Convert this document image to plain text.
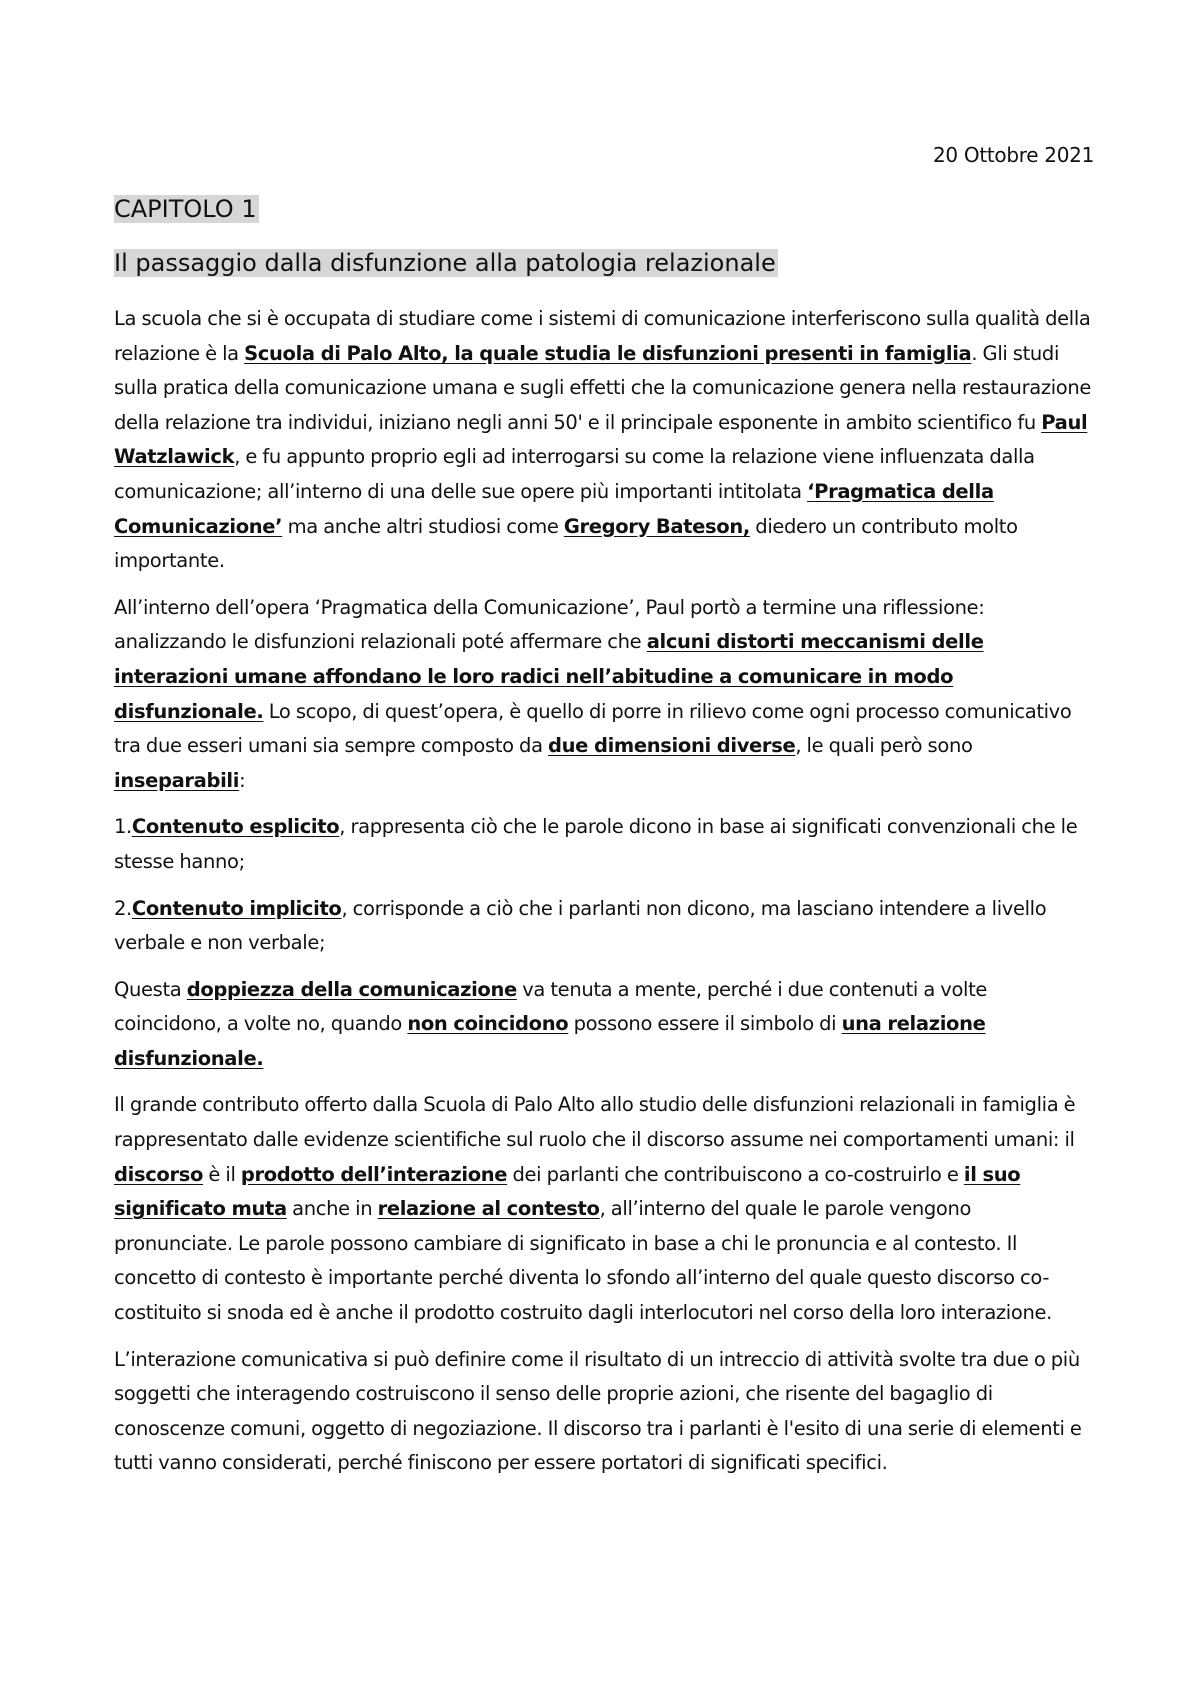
20 Ottobre 2021

CAPITOLO 1
Il passaggio dalla disfunzione alla patologia relazionale

La scuola che si è occupata di studiare come i sistemi di comunicazione interferiscono sulla qualità della relazione è la Scuola di Palo Alto, la quale studia le disfunzioni presenti in famiglia. Gli studi sulla pratica della comunicazione umana e sugli effetti che la comunicazione genera nella restaurazione della relazione tra individui, iniziano negli anni 50' e il principale esponente in ambito scientifico fu Paul Watzlawick, e fu appunto proprio egli ad interrogarsi su come la relazione viene influenzata dalla comunicazione; all’interno di una delle sue opere più importanti intitolata ‘Pragmatica della Comunicazione’ ma anche altri studiosi come Gregory Bateson, diedero un contributo molto importante.

All’interno dell’opera ‘Pragmatica della Comunicazione’, Paul portò a termine una riflessione: analizzando le disfunzioni relazionali poté affermare che alcuni distorti meccanismi delle interazioni umane affondano le loro radici nell’abitudine a comunicare in modo disfunzionale. Lo scopo, di quest’opera, è quello di porre in rilievo come ogni processo comunicativo tra due esseri umani sia sempre composto da due dimensioni diverse, le quali però sono inseparabili:

1.Contenuto esplicito, rappresenta ciò che le parole dicono in base ai significati convenzionali che le stesse hanno;

2.Contenuto implicito, corrisponde a ciò che i parlanti non dicono, ma lasciano intendere a livello verbale e non verbale;

Questa doppiezza della comunicazione va tenuta a mente, perché i due contenuti a volte coincidono, a volte no, quando non coincidono possono essere il simbolo di una relazione disfunzionale.

Il grande contributo offerto dalla Scuola di Palo Alto allo studio delle disfunzioni relazionali in famiglia è rappresentato dalle evidenze scientifiche sul ruolo che il discorso assume nei comportamenti umani: il discorso è il prodotto dell’interazione dei parlanti che contribuiscono a co-costruirlo e il suo significato muta anche in relazione al contesto, all’interno del quale le parole vengono pronunciate. Le parole possono cambiare di significato in base a chi le pronuncia e al contesto. Il concetto di contesto è importante perché diventa lo sfondo all’interno del quale questo discorso co-costituito si snoda ed è anche il prodotto costruito dagli interlocutori nel corso della loro interazione.

L’interazione comunicativa si può definire come il risultato di un intreccio di attività svolte tra due o più soggetti che interagendo costruiscono il senso delle proprie azioni, che risente del bagaglio di conoscenze comuni, oggetto di negoziazione. Il discorso tra i parlanti è l'esito di una serie di elementi e tutti vanno considerati, perché finiscono per essere portatori di significati specifici.
